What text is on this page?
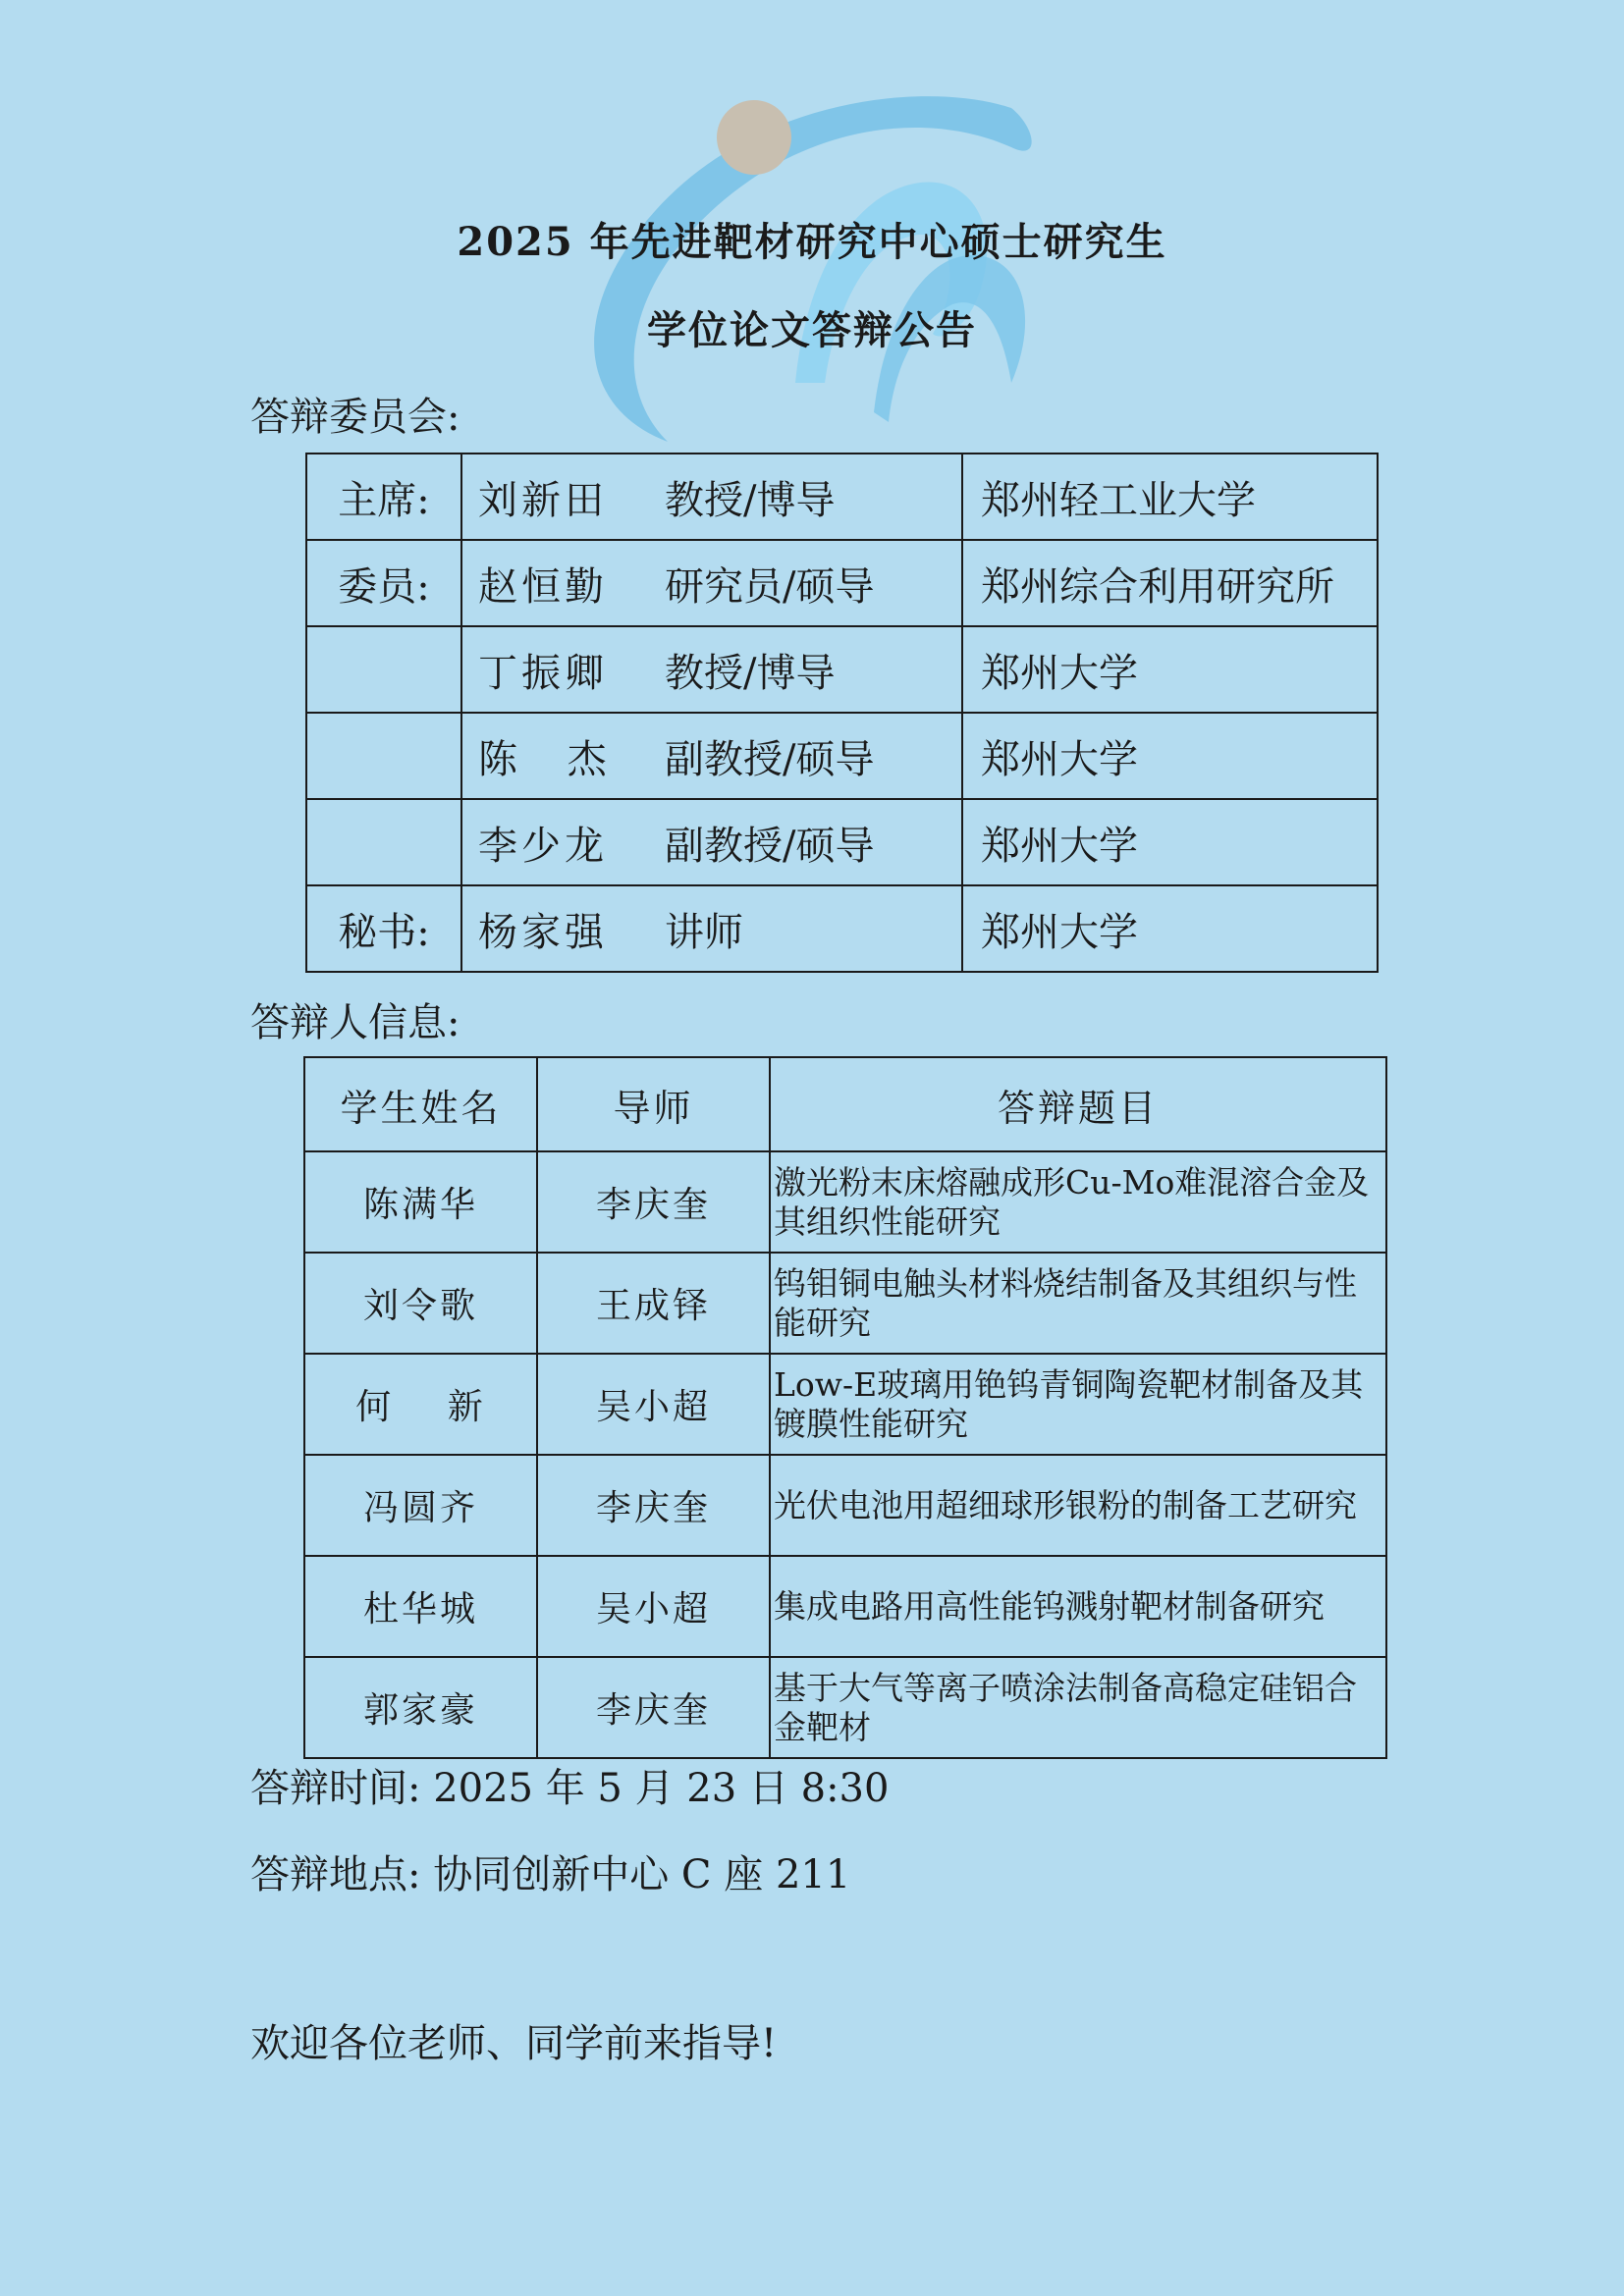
2025 年先进靶材研究中心硕士研究生
学位论文答辩公告
答辩委员会:
主席:	刘新田 教授/博导	郑州轻工业大学
委员:	赵恒勤 研究员/硕导	郑州综合利用研究所
	丁振卿 教授/博导	郑州大学
	陈 杰 副教授/硕导	郑州大学
	李少龙 副教授/硕导	郑州大学
秘书:	杨家强 讲师	郑州大学
答辩人信息:
学生姓名	导师	答辩题目
陈满华	李庆奎	激光粉末床熔融成形Cu-Mo难混溶合金及其组织性能研究
刘令歌	王成铎	钨钼铜电触头材料烧结制备及其组织与性能研究
何 新	吴小超	Low-E玻璃用铯钨青铜陶瓷靶材制备及其镀膜性能研究
冯圆齐	李庆奎	光伏电池用超细球形银粉的制备工艺研究
杜华城	吴小超	集成电路用高性能钨溅射靶材制备研究
郭家豪	李庆奎	基于大气等离子喷涂法制备高稳定硅铝合金靶材
答辩时间: 2025 年 5 月 23 日 8:30
答辩地点: 协同创新中心 C 座 211
欢迎各位老师、同学前来指导!
